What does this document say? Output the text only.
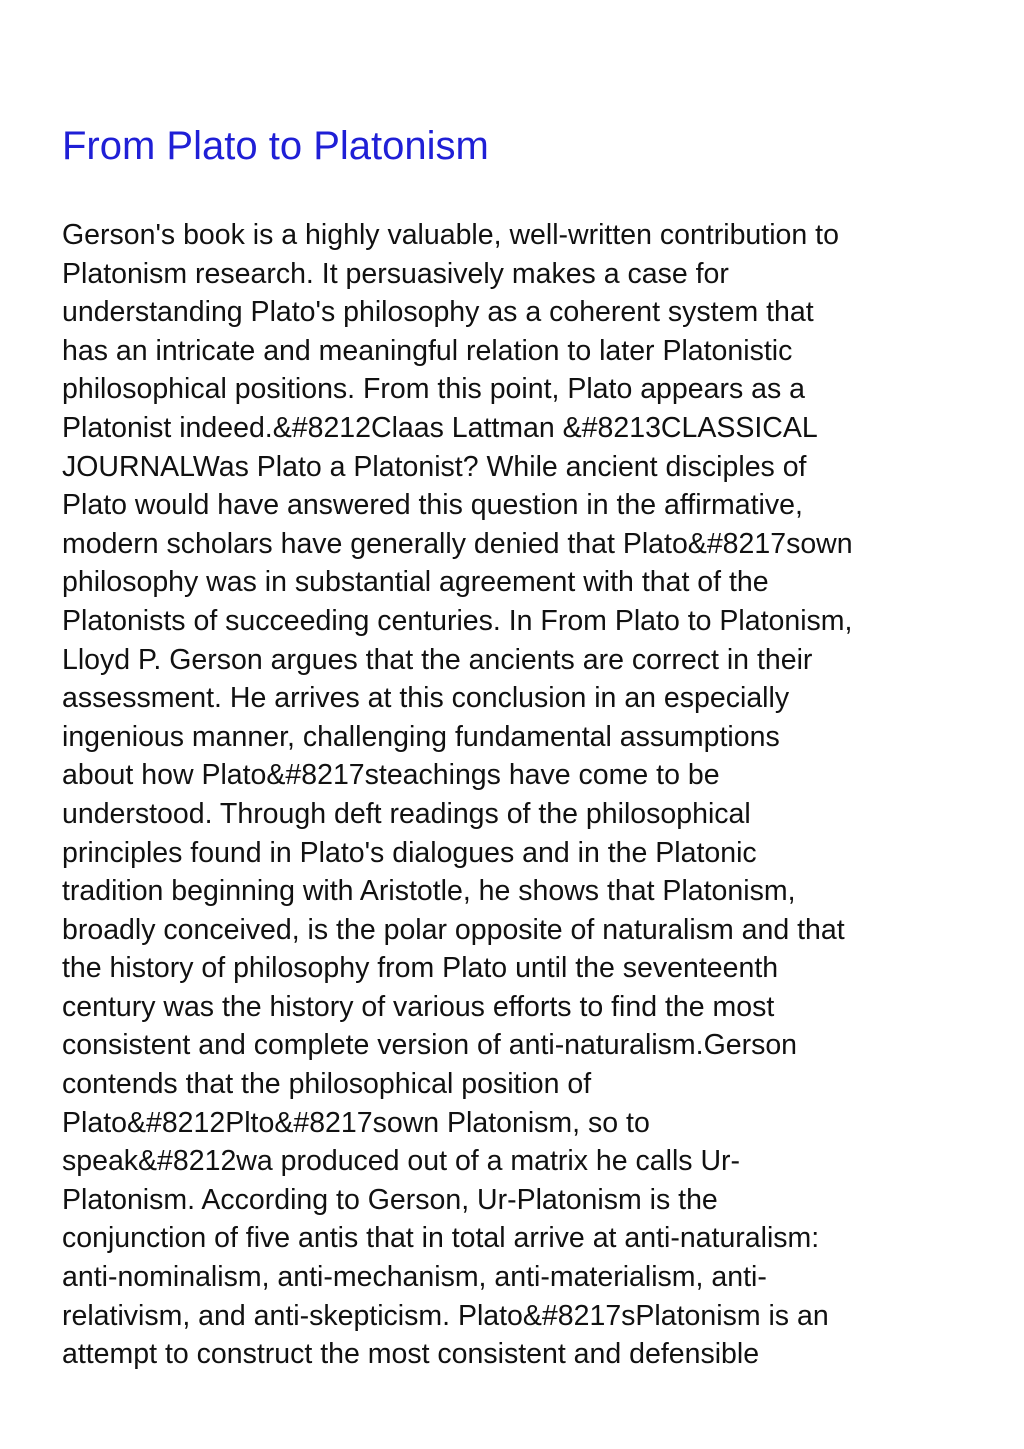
From Plato to Platonism
Gerson's book is a highly valuable, well-written contribution to
Platonism research. It persuasively makes a case for
understanding Plato's philosophy as a coherent system that
has an intricate and meaningful relation to later Platonistic
philosophical positions. From this point, Plato appears as a
Platonist indeed.&#8212Claas Lattman &#8213CLASSICAL
JOURNALWas Plato a Platonist? While ancient disciples of
Plato would have answered this question in the affirmative,
modern scholars have generally denied that Plato&#8217sown
philosophy was in substantial agreement with that of the
Platonists of succeeding centuries. In From Plato to Platonism,
Lloyd P. Gerson argues that the ancients are correct in their
assessment. He arrives at this conclusion in an especially
ingenious manner, challenging fundamental assumptions
about how Plato&#8217steachings have come to be
understood. Through deft readings of the philosophical
principles found in Plato's dialogues and in the Platonic
tradition beginning with Aristotle, he shows that Platonism,
broadly conceived, is the polar opposite of naturalism and that
the history of philosophy from Plato until the seventeenth
century was the history of various efforts to find the most
consistent and complete version of anti-naturalism.Gerson
contends that the philosophical position of
Plato&#8212Plto&#8217sown Platonism, so to
speak&#8212wa produced out of a matrix he calls Ur-
Platonism. According to Gerson, Ur-Platonism is the
conjunction of five antis that in total arrive at anti-naturalism:
anti-nominalism, anti-mechanism, anti-materialism, anti-
relativism, and anti-skepticism. Plato&#8217sPlatonism is an
attempt to construct the most consistent and defensible
